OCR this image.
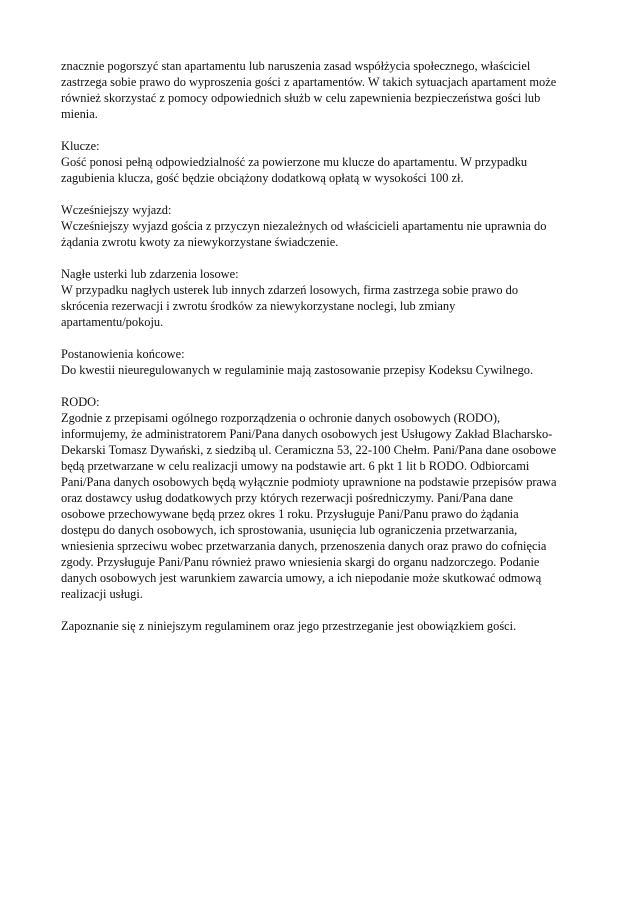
znacznie pogorszyć stan apartamentu lub naruszenia zasad współżycia społecznego, właściciel
zastrzega sobie prawo do wyproszenia gości z apartamentów. W takich sytuacjach apartament może
również skorzystać z pomocy odpowiednich służb w celu zapewnienia bezpieczeństwa gości lub
mienia.

Klucze:

Gość ponosi pełną odpowiedzialność za powierzone mu klucze do apartamentu. W przypadku
zagubienia klucza, gość będzie obciążony dodatkową opłatą w wysokości 100 zł.

Wcześniejszy wyjazd:

Wcześniejszy wyjazd gościa z przyczyn niezależnych od właścicieli apartamentu nie uprawnia do
żądania zwrotu kwoty za niewykorzystane świadczenie.

Nagłe usterki lub zdarzenia losowe:

W przypadku nagłych usterek lub innych zdarzeń losowych, firma zastrzega sobie prawo do
skrócenia rezerwacji i zwrotu środków za niewykorzystane noclegi, lub zmiany
apartamentu/pokoju.

Postanowienia końcowe:

Do kwestii nieuregulowanych w regulaminie mają zastosowanie przepisy Kodeksu Cywilnego.

RODO:

Zgodnie z przepisami ogólnego rozporządzenia o ochronie danych osobowych (RODO),
informujemy, że administratorem Pani/Pana danych osobowych jest Usługowy Zakład Blacharsko-
Dekarski Tomasz Dywański, z siedzibą ul. Ceramiczna 53, 22-100 Chełm. Pani/Pana dane osobowe
będą przetwarzane w celu realizacji umowy na podstawie art. 6 pkt 1 lit b RODO. Odbiorcami
Pani/Pana danych osobowych będą wyłącznie podmioty uprawnione na podstawie przepisów prawa
oraz dostawcy usług dodatkowych przy których rezerwacji pośredniczymy. Pani/Pana dane
osobowe przechowywane będą przez okres 1 roku. Przysługuje Pani/Panu prawo do żądania
dostępu do danych osobowych, ich sprostowania, usunięcia lub ograniczenia przetwarzania,
wniesienia sprzeciwu wobec przetwarzania danych, przenoszenia danych oraz prawo do cofnięcia
zgody. Przysługuje Pani/Panu również prawo wniesienia skargi do organu nadzorczego. Podanie
danych osobowych jest warunkiem zawarcia umowy, a ich niepodanie może skutkować odmową
realizacji usługi.

Zapoznanie się z niniejszym regulaminem oraz jego przestrzeganie jest obowiązkiem gości.
